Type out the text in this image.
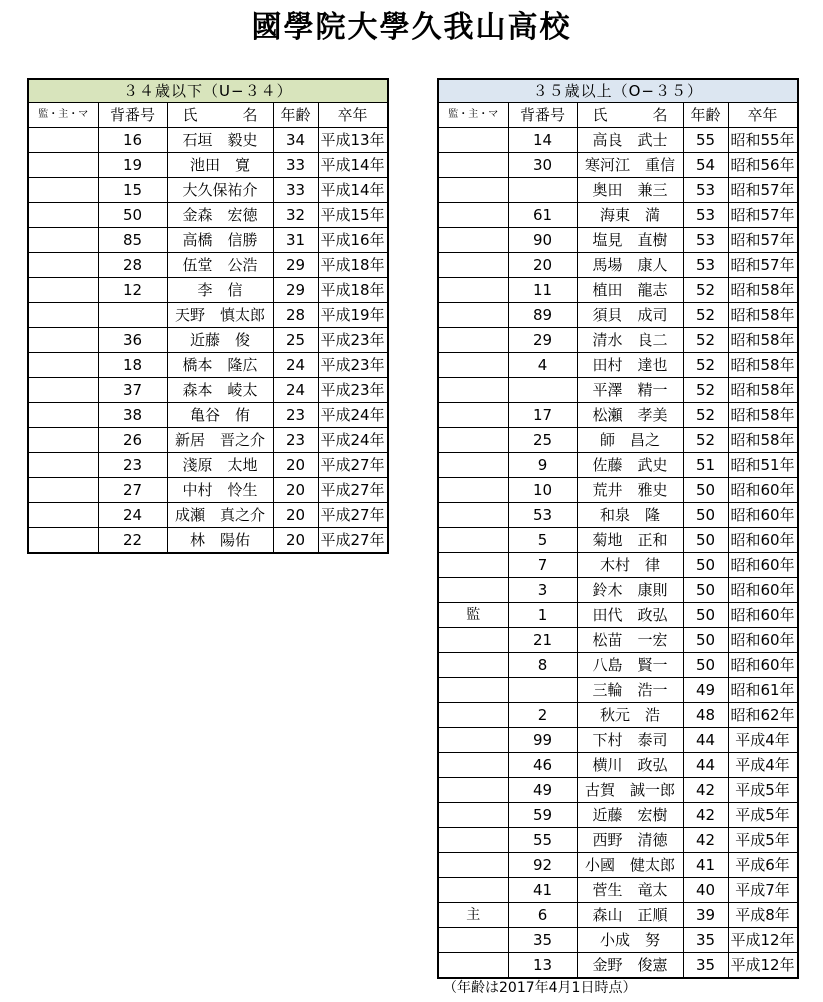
國學院大學久我山高校
３４歳以下（U−３４）				
監・主・マ	背番号	氏　　　名	年齢	卒年
	16	石垣　毅史	34	平成13年
	19	池田　寛	33	平成14年
	15	大久保祐介	33	平成14年
	50	金森　宏徳	32	平成15年
	85	高橋　信勝	31	平成16年
	28	伍堂　公浩	29	平成18年
	12	李　信	29	平成18年
		天野　慎太郎	28	平成19年
	36	近藤　俊	25	平成23年
	18	橋本　隆広	24	平成23年
	37	森本　崚太	24	平成23年
	38	亀谷　侑	23	平成24年
	26	新居　晋之介	23	平成24年
	23	淺原　太地	20	平成27年
	27	中村　怜生	20	平成27年
	24	成瀬　真之介	20	平成27年
	22	林　陽佑	20	平成27年
３５歳以上（O−３５）				
監・主・マ	背番号	氏　　　名	年齢	卒年
	14	高良　武士	55	昭和55年
	30	寒河江　重信	54	昭和56年
		奥田　兼三	53	昭和57年
	61	海東　満	53	昭和57年
	90	塩見　直樹	53	昭和57年
	20	馬場　康人	53	昭和57年
	11	植田　龍志	52	昭和58年
	89	須貝　成司	52	昭和58年
	29	清水　良二	52	昭和58年
	4	田村　達也	52	昭和58年
		平澤　精一	52	昭和58年
	17	松瀬　孝美	52	昭和58年
	25	師　昌之	52	昭和58年
	9	佐藤　武史	51	昭和51年
	10	荒井　雅史	50	昭和60年
	53	和泉　隆	50	昭和60年
	5	菊地　正和	50	昭和60年
	7	木村　律	50	昭和60年
	3	鈴木　康則	50	昭和60年
監	1	田代　政弘	50	昭和60年
	21	松苗　一宏	50	昭和60年
	8	八島　賢一	50	昭和60年
		三輪　浩一	49	昭和61年
	2	秋元　浩	48	昭和62年
	99	下村　泰司	44	平成4年
	46	横川　政弘	44	平成4年
	49	古賀　誠一郎	42	平成5年
	59	近藤　宏樹	42	平成5年
	55	西野　清徳	42	平成5年
	92	小國　健太郎	41	平成6年
	41	菅生　竜太	40	平成7年
主	6	森山　正順	39	平成8年
	35	小成　努	35	平成12年
	13	金野　俊憲	35	平成12年
（年齢は2017年4月1日時点）
